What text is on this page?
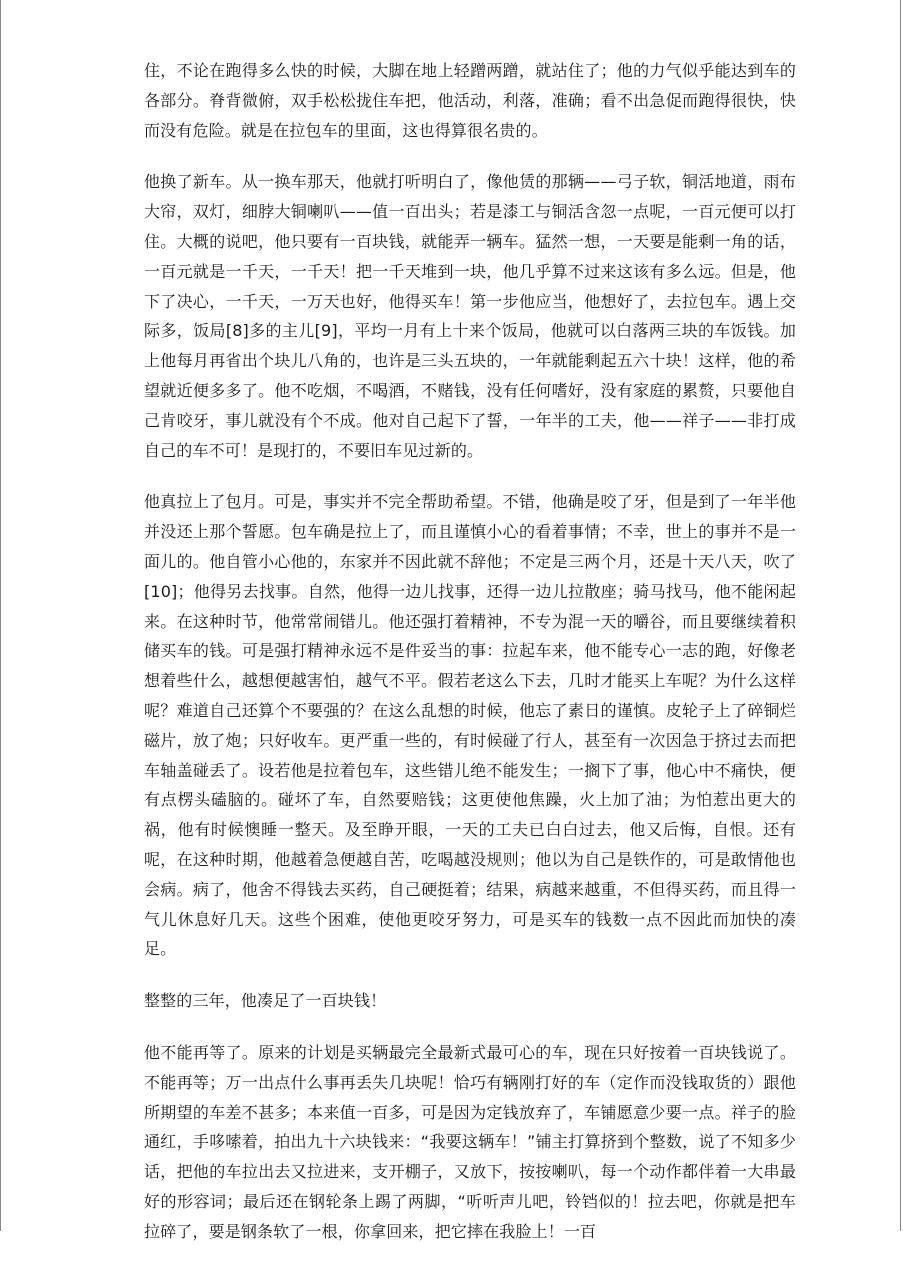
住，不论在跑得多么快的时候，大脚在地上轻蹭两蹭，就站住了；他的力气似乎能达到车的各部分。脊背微俯，双手松松拢住车把，他活动，利落，准确；看不出急促而跑得很快，快而没有危险。就是在拉包车的里面，这也得算很名贵的。

他换了新车。从一换车那天，他就打听明白了，像他赁的那辆——弓子软，铜活地道，雨布大帘，双灯，细脖大铜喇叭——值一百出头；若是漆工与铜活含忽一点呢，一百元便可以打住。大概的说吧，他只要有一百块钱，就能弄一辆车。猛然一想，一天要是能剩一角的话，一百元就是一千天，一千天！把一千天堆到一块，他几乎算不过来这该有多么远。但是，他下了决心，一千天，一万天也好，他得买车！第一步他应当，他想好了，去拉包车。遇上交际多，饭局[8]多的主儿[9]，平均一月有上十来个饭局，他就可以白落两三块的车饭钱。加上他每月再省出个块儿八角的，也许是三头五块的，一年就能剩起五六十块！这样，他的希望就近便多多了。他不吃烟，不喝酒，不赌钱，没有任何嗜好，没有家庭的累赘，只要他自己肯咬牙，事儿就没有个不成。他对自己起下了誓，一年半的工夫，他——祥子——非打成自己的车不可！是现打的，不要旧车见过新的。

他真拉上了包月。可是，事实并不完全帮助希望。不错，他确是咬了牙，但是到了一年半他并没还上那个誓愿。包车确是拉上了，而且谨慎小心的看着事情；不幸，世上的事并不是一面儿的。他自管小心他的，东家并不因此就不辞他；不定是三两个月，还是十天八天，吹了[10]；他得另去找事。自然，他得一边儿找事，还得一边儿拉散座；骑马找马，他不能闲起来。在这种时节，他常常闹错儿。他还强打着精神，不专为混一天的嚼谷，而且要继续着积储买车的钱。可是强打精神永远不是件妥当的事：拉起车来，他不能专心一志的跑，好像老想着些什么，越想便越害怕，越气不平。假若老这么下去，几时才能买上车呢？为什么这样呢？难道自己还算个不要强的？在这么乱想的时候，他忘了素日的谨慎。皮轮子上了碎铜烂磁片，放了炮；只好收车。更严重一些的，有时候碰了行人，甚至有一次因急于挤过去而把车轴盖碰丢了。设若他是拉着包车，这些错儿绝不能发生；一搁下了事，他心中不痛快，便有点楞头磕脑的。碰坏了车，自然要赔钱；这更使他焦躁，火上加了油；为怕惹出更大的祸，他有时候懊睡一整天。及至睁开眼，一天的工夫已白白过去，他又后悔，自恨。还有呢，在这种时期，他越着急便越自苦，吃喝越没规则；他以为自己是铁作的，可是敢情他也会病。病了，他舍不得钱去买药，自己硬挺着；结果，病越来越重，不但得买药，而且得一气儿休息好几天。这些个困难，使他更咬牙努力，可是买车的钱数一点不因此而加快的凑足。

整整的三年，他凑足了一百块钱！

他不能再等了。原来的计划是买辆最完全最新式最可心的车，现在只好按着一百块钱说了。不能再等；万一出点什么事再丢失几块呢！恰巧有辆刚打好的车（定作而没钱取货的）跟他所期望的车差不甚多；本来值一百多，可是因为定钱放弃了，车铺愿意少要一点。祥子的脸通红，手哆嗦着，拍出九十六块钱来：“我要这辆车！”铺主打算挤到个整数，说了不知多少话，把他的车拉出去又拉进来，支开棚子，又放下，按按喇叭，每一个动作都伴着一大串最好的形容词；最后还在钢轮条上踢了两脚，“听听声儿吧，铃铛似的！拉去吧，你就是把车拉碎了，要是钢条软了一根，你拿回来，把它摔在我脸上！一百
